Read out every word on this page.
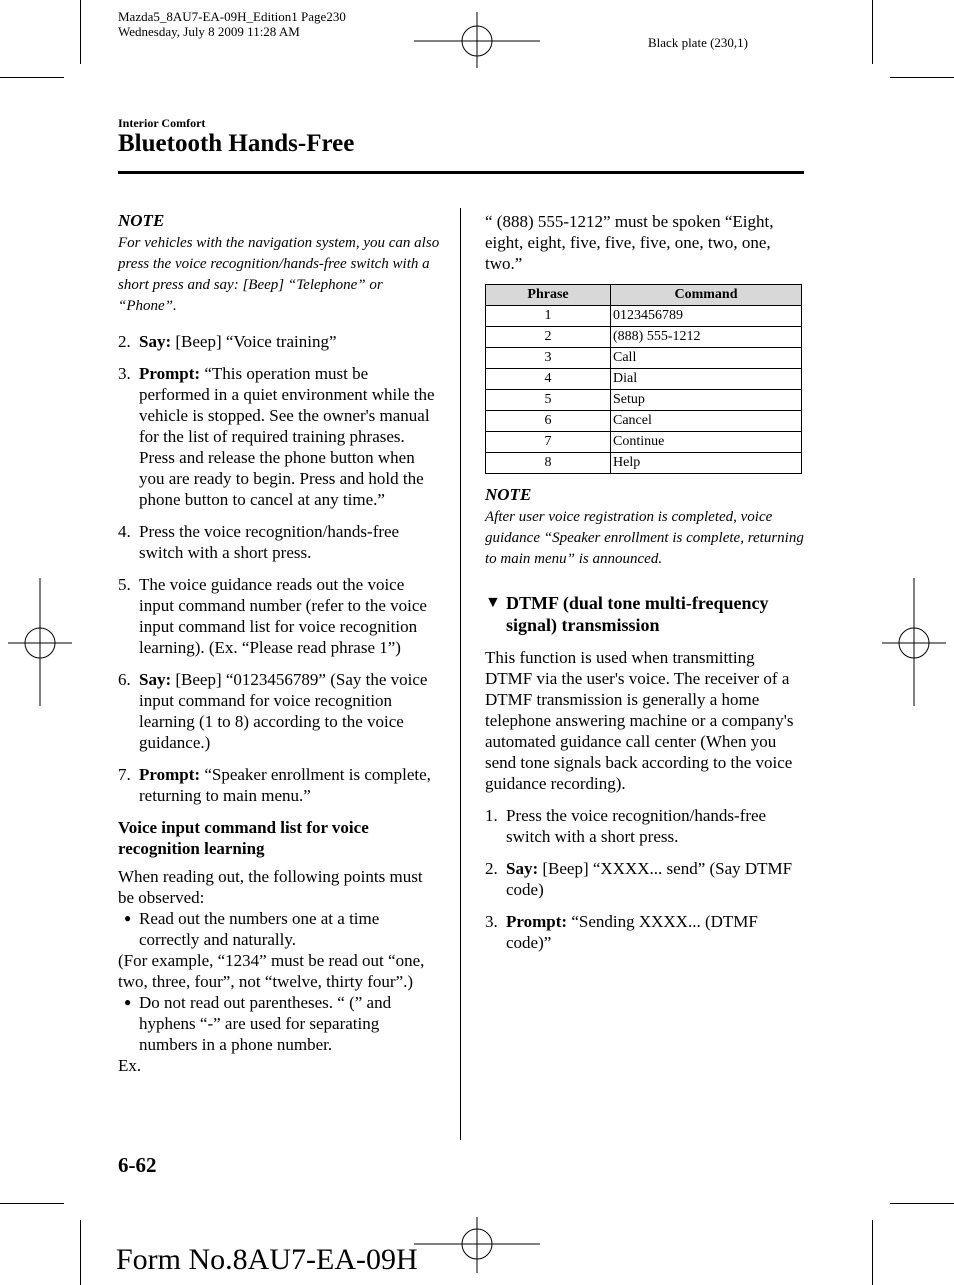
Mazda5_8AU7-EA-09H_Edition1 Page230
Wednesday, July 8 2009 11:28 AM
Black plate (230,1)
Interior Comfort
Bluetooth Hands-Free
NOTE

For vehicles with the navigation system, you can also press the voice recognition/hands-free switch with a short press and say: [Beep] “Telephone” or “Phone”.

2. Say: [Beep] “Voice training”
3. Prompt: “This operation must be performed in a quiet environment while the vehicle is stopped. See the owner's manual for the list of required training phrases. Press and release the phone button when you are ready to begin. Press and hold the phone button to cancel at any time.”
4. Press the voice recognition/hands-free switch with a short press.
5. The voice guidance reads out the voice input command number (refer to the voice input command list for voice recognition learning). (Ex. “Please read phrase 1”)
6. Say: [Beep] “0123456789” (Say the voice input command for voice recognition learning (1 to 8) according to the voice guidance.)
7. Prompt: “Speaker enrollment is complete, returning to main menu.”

Voice input command list for voice recognition learning

When reading out, the following points must be observed:

● Read out the numbers one at a time correctly and naturally.

(For example, “1234” must be read out “one, two, three, four”, not “twelve, thirty four”.)

● Do not read out parentheses. “ (” and hyphens “-” are used for separating numbers in a phone number.

Ex.

“ (888) 555-1212” must be spoken “Eight, eight, eight, five, five, five, one, two, one, two.”

Phrase	Command
1	0123456789
2	(888) 555-1212
3	Call
4	Dial
5	Setup
6	Cancel
7	Continue
8	Help
NOTE

After user voice registration is completed, voice guidance “Speaker enrollment is complete, returning to main menu” is announced.

▼ DTMF (dual tone multi-frequency signal) transmission

This function is used when transmitting DTMF via the user's voice. The receiver of a DTMF transmission is generally a home telephone answering machine or a company's automated guidance call center (When you send tone signals back according to the voice guidance recording).

1. Press the voice recognition/hands-free switch with a short press.
2. Say: [Beep] “XXXX... send” (Say DTMF code)
3. Prompt: “Sending XXXX... (DTMF code)”
6-62
Form No.8AU7-EA-09H
